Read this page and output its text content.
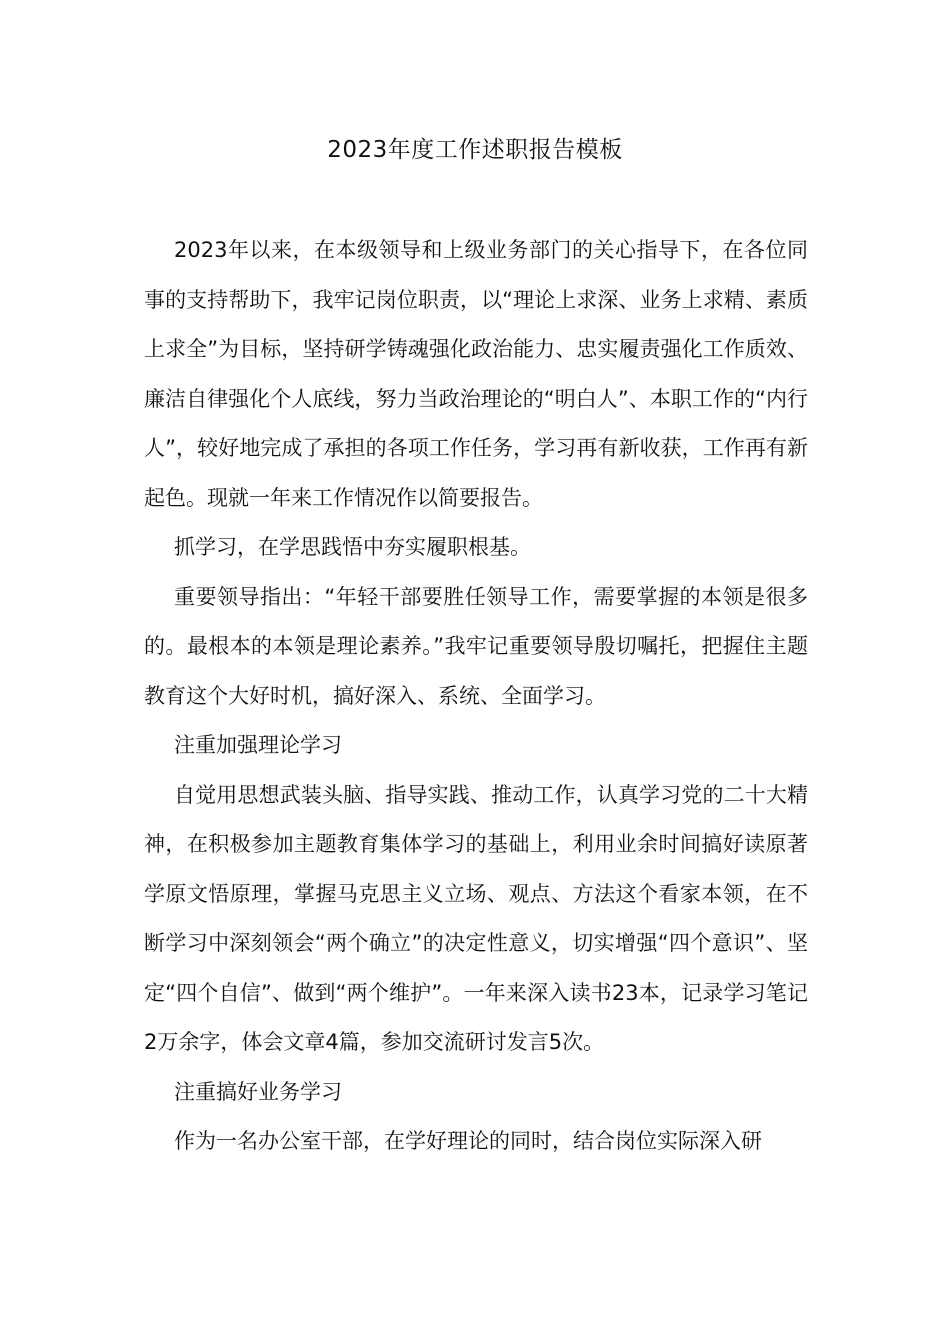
2023年度工作述职报告模板

2023年以来，在本级领导和上级业务部门的关心指导下，在各位同事的支持帮助下，我牢记岗位职责，以“理论上求深、业务上求精、素质上求全”为目标，坚持研学铸魂强化政治能力、忠实履责强化工作质效、廉洁自律强化个人底线，努力当政治理论的“明白人”、本职工作的“内行人”，较好地完成了承担的各项工作任务，学习再有新收获，工作再有新起色。现就一年来工作情况作以简要报告。

抓学习，在学思践悟中夯实履职根基。

重要领导指出：“年轻干部要胜任领导工作，需要掌握的本领是很多的。最根本的本领是理论素养。”我牢记重要领导殷切嘱托，把握住主题教育这个大好时机，搞好深入、系统、全面学习。

注重加强理论学习

自觉用思想武装头脑、指导实践、推动工作，认真学习党的二十大精神，在积极参加主题教育集体学习的基础上，利用业余时间搞好读原著学原文悟原理，掌握马克思主义立场、观点、方法这个看家本领，在不断学习中深刻领会“两个确立”的决定性意义，切实增强“四个意识”、坚定“四个自信”、做到“两个维护”。一年来深入读书23本，记录学习笔记2万余字，体会文章4篇，参加交流研讨发言5次。

注重搞好业务学习

作为一名办公室干部，在学好理论的同时，结合岗位实际深入研
